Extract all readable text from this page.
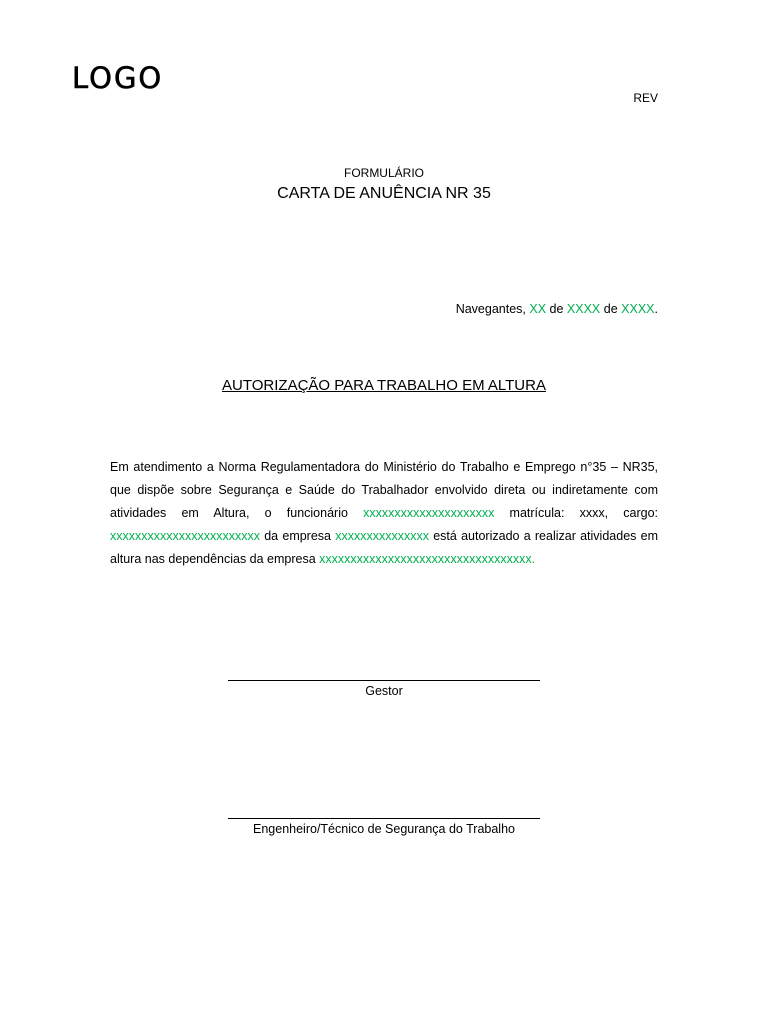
LOGO
REV
FORMULÁRIO
CARTA DE ANUÊNCIA NR 35
Navegantes, XX de XXXX de XXXX.
AUTORIZAÇÃO PARA TRABALHO EM ALTURA
Em atendimento a Norma Regulamentadora do Ministério do Trabalho e Emprego n°35 – NR35, que dispõe sobre Segurança e Saúde do Trabalhador envolvido direta ou indiretamente com atividades em Altura, o funcionário xxxxxxxxxxxxxxxxxxxxx matrícula: xxxx, cargo: xxxxxxxxxxxxxxxxxxxxxxxx da empresa xxxxxxxxxxxxxxx está autorizado a realizar atividades em altura nas dependências da empresa xxxxxxxxxxxxxxxxxxxxxxxxxxxxxxxxxx.
Gestor
Engenheiro/Técnico de Segurança do Trabalho
